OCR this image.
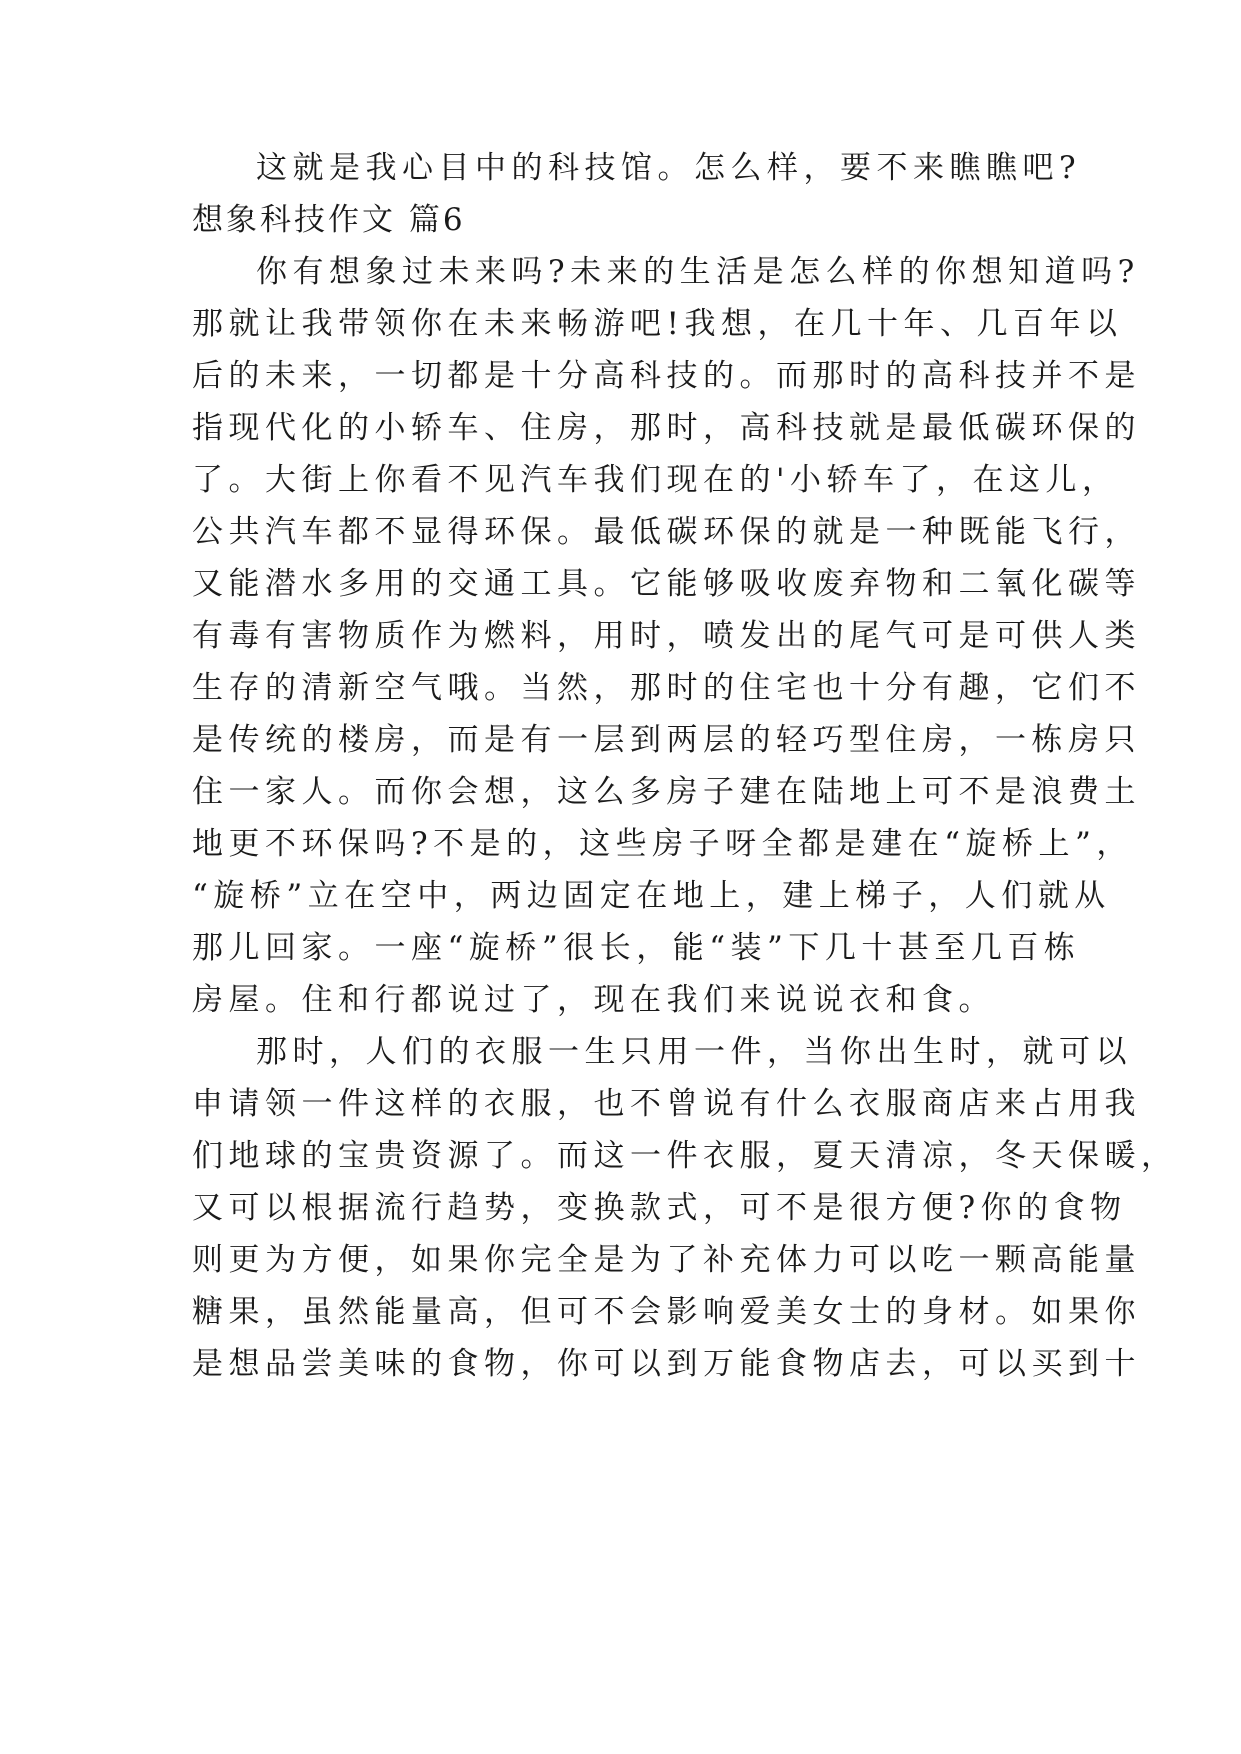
这就是我心目中的科技馆。怎么样，要不来瞧瞧吧?
想象科技作文 篇6
你有想象过未来吗?未来的生活是怎么样的你想知道吗?
那就让我带领你在未来畅游吧!我想，在几十年、几百年以
后的未来，一切都是十分高科技的。而那时的高科技并不是
指现代化的小轿车、住房，那时，高科技就是最低碳环保的
了。大街上你看不见汽车我们现在的'小轿车了，在这儿，
公共汽车都不显得环保。最低碳环保的就是一种既能飞行，
又能潜水多用的交通工具。它能够吸收废弃物和二氧化碳等
有毒有害物质作为燃料，用时，喷发出的尾气可是可供人类
生存的清新空气哦。当然，那时的住宅也十分有趣，它们不
是传统的楼房，而是有一层到两层的轻巧型住房，一栋房只
住一家人。而你会想，这么多房子建在陆地上可不是浪费土
地更不环保吗?不是的，这些房子呀全都是建在“旋桥上”，
“旋桥”立在空中，两边固定在地上，建上梯子，人们就从
那儿回家。一座“旋桥”很长，能“装”下几十甚至几百栋
房屋。住和行都说过了，现在我们来说说衣和食。
那时，人们的衣服一生只用一件，当你出生时，就可以
申请领一件这样的衣服，也不曾说有什么衣服商店来占用我
们地球的宝贵资源了。而这一件衣服，夏天清凉，冬天保暖，
又可以根据流行趋势，变换款式，可不是很方便?你的食物
则更为方便，如果你完全是为了补充体力可以吃一颗高能量
糖果，虽然能量高，但可不会影响爱美女士的身材。如果你
是想品尝美味的食物，你可以到万能食物店去，可以买到十
